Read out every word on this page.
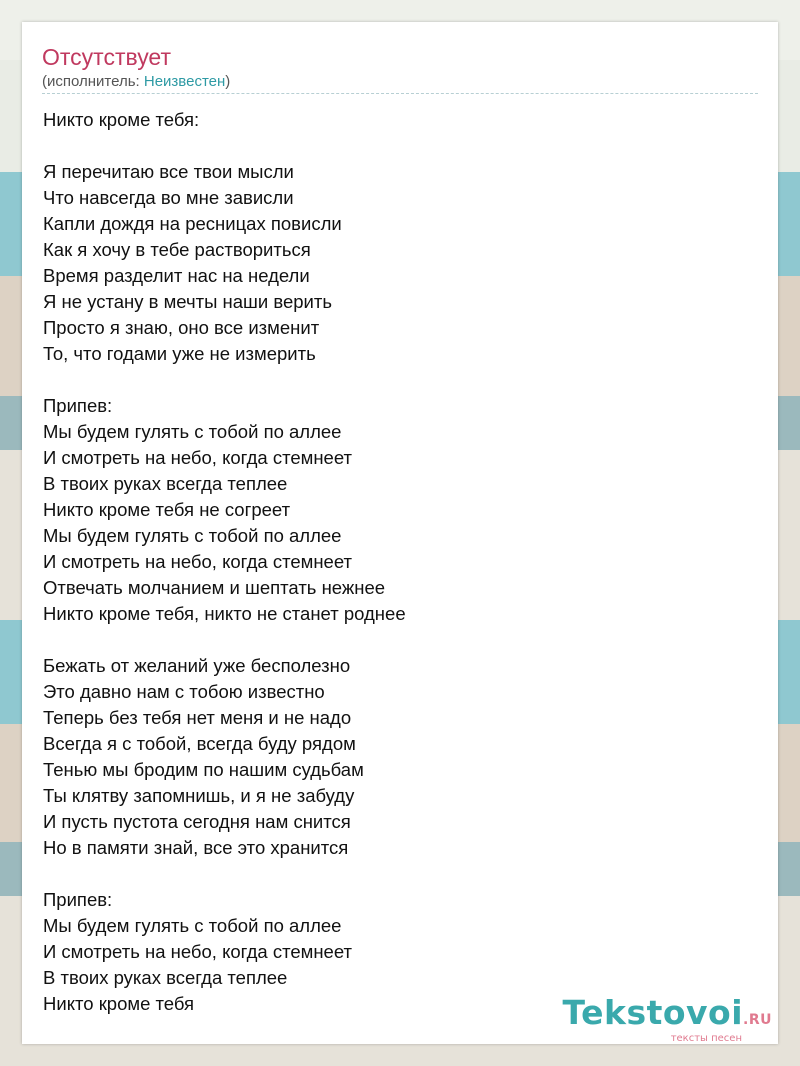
Отсутствует
(исполнитель: Неизвестен)
Никто кроме тебя:
Я перечитаю все твои мысли
Что навсегда во мне зависли
Капли дождя на ресницах повисли
Как я хочу в тебе раствориться
Время разделит нас на недели
Я не устану в мечты наши верить
Просто я знаю, оно все изменит
То, что годами уже не измерить
Припев:
Мы будем гулять с тобой по аллее
И смотреть на небо, когда стемнеет
В твоих руках всегда теплее
Никто кроме тебя не согреет
Мы будем гулять с тобой по аллее
И смотреть на небо, когда стемнеет
Отвечать молчанием и шептать нежнее
Никто кроме тебя, никто не станет роднее
Бежать от желаний уже бесполезно
Это давно нам с тобою известно
Теперь без тебя нет меня и не надо
Всегда я с тобой, всегда буду рядом
Тенью мы бродим по нашим судьбам
Ты клятву запомнишь, и я не забуду
И пусть пустота сегодня нам снится
Но в памяти знай, все это хранится
Припев:
Мы будем гулять с тобой по аллее
И смотреть на небо, когда стемнеет
В твоих руках всегда теплее
Никто кроме тебя	Tekstovoi.RU
тексты песен
